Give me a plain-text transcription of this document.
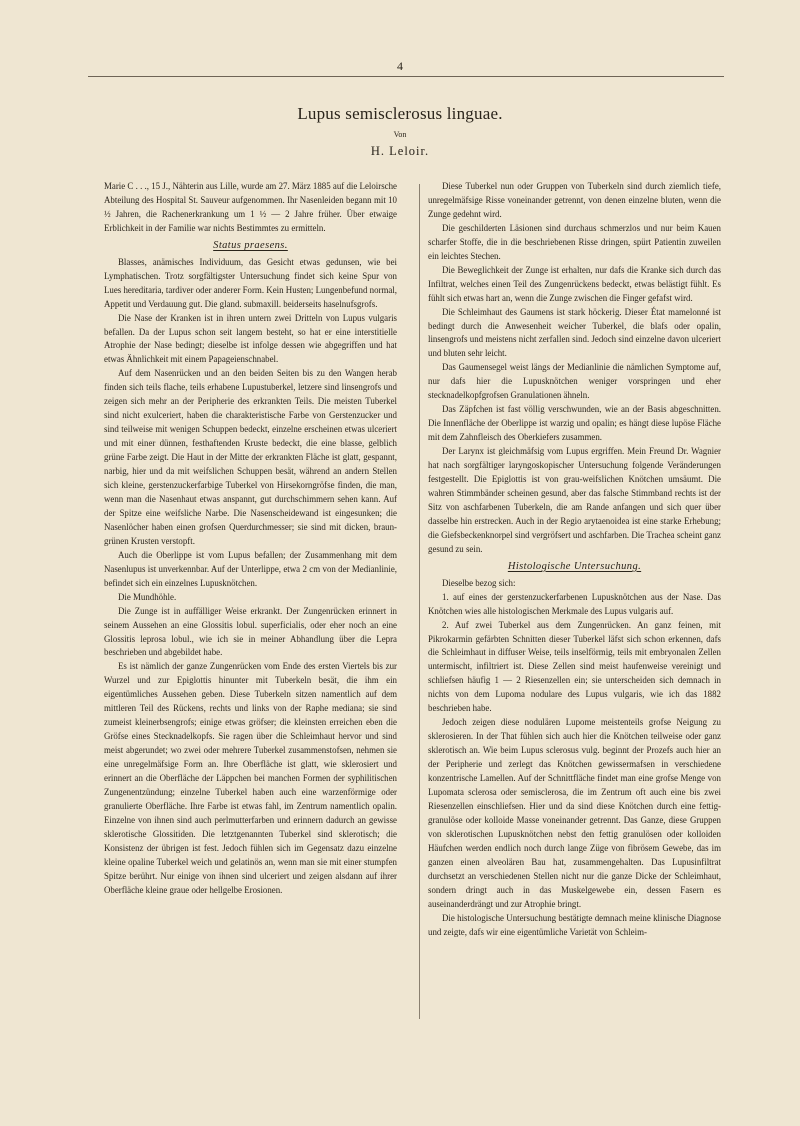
4
Lupus semisclerosus linguae.
Von
H. Leloir.

Marie C . . ., 15 J., Nähterin aus Lille, wurde am 27. März 1885 auf die Leloirsche Abteilung des Hospital St. Sauveur aufgenommen. Ihr Nasenleiden begann mit 10 ½ Jahren, die Rachenerkrankung um 1 ½ — 2 Jahre früher. Über etwaige Erblichkeit in der Familie war nichts Bestimmtes zu ermitteln.

Status praesens.

Blasses, anämisches Individuum, das Gesicht etwas gedunsen, wie bei Lymphatischen. Trotz sorgfältigster Untersuchung findet sich keine Spur von Lues hereditaria, tardiver oder anderer Form. Kein Husten; Lungenbefund normal, Appetit und Verdauung gut. Die gland. submaxill. beiderseits haselnufsgrofs.

Die Nase der Kranken ist in ihren untern zwei Dritteln von Lupus vulgaris befallen. Da der Lupus schon seit langem besteht, so hat er eine interstitielle Atrophie der Nase bedingt; dieselbe ist infolge dessen wie abgegriffen und hat etwas Ähnlichkeit mit einem Papageienschnabel.

Auf dem Nasenrücken und an den beiden Seiten bis zu den Wangen herab finden sich teils flache, teils erhabene Lupustuberkel, letzere sind linsengrofs und zeigen sich mehr an der Peripherie des erkrankten Teils. Die meisten Tuberkel sind nicht exulceriert, haben die charakteristische Farbe von Gerstenzucker und sind teilweise mit wenigen Schuppen bedeckt, einzelne erscheinen etwas ulceriert und mit einer dünnen, festhaftenden Kruste bedeckt, die eine blasse, gelblich grüne Farbe zeigt. Die Haut in der Mitte der erkrankten Fläche ist glatt, gespannt, narbig, hier und da mit weifslichen Schuppen besät, während an andern Stellen sich kleine, gerstenzuckerfarbige Tuberkel von Hirsekorngröfse finden, die man, wenn man die Nasenhaut etwas anspannt, gut durchschimmern sehen kann. Auf der Spitze eine weifsliche Narbe. Die Nasenscheidewand ist eingesunken; die Nasenlöcher haben einen grofsen Querdurchmesser; sie sind mit dicken, braun-grünen Krusten verstopft.

Auch die Oberlippe ist vom Lupus befallen; der Zusammenhang mit dem Nasenlupus ist unverkennbar. Auf der Unterlippe, etwa 2 cm von der Medianlinie, befindet sich ein einzelnes Lupusknötchen.

Die Mundhöhle.

Die Zunge ist in auffälliger Weise erkrankt. Der Zungenrücken erinnert in seinem Aussehen an eine Glossitis lobul. superficialis, oder eher noch an eine Glossitis leprosa lobul., wie ich sie in meiner Abhandlung über die Lepra beschrieben und abgebildet habe.

Es ist nämlich der ganze Zungenrücken vom Ende des ersten Viertels bis zur Wurzel und zur Epiglottis hinunter mit Tuberkeln besät, die ihm ein eigentümliches Aussehen geben. Diese Tuberkeln sitzen namentlich auf dem mittleren Teil des Rückens, rechts und links von der Raphe mediana; sie sind zumeist kleinerbsengrofs; einige etwas gröfser; die kleinsten erreichen eben die Gröfse eines Stecknadelkopfs. Sie ragen über die Schleimhaut hervor und sind meist abgerundet; wo zwei oder mehrere Tuberkel zusammenstofsen, nehmen sie eine unregelmäfsige Form an. Ihre Oberfläche ist glatt, wie sklerosiert und erinnert an die Oberfläche der Läppchen bei manchen Formen der syphilitischen Zungenentzündung; einzelne Tuberkel haben auch eine warzenförmige oder granulierte Oberfläche. Ihre Farbe ist etwas fahl, im Zentrum namentlich opalin. Einzelne von ihnen sind auch perlmutterfarben und erinnern dadurch an gewisse sklerotische Glossitiden. Die letztgenannten Tuberkel sind sklerotisch; die Konsistenz der übrigen ist fest. Jedoch fühlen sich im Gegensatz dazu einzelne kleine opaline Tuberkel weich und gelatinös an, wenn man sie mit einer stumpfen Spitze berührt. Nur einige von ihnen sind ulceriert und zeigen alsdann auf ihrer Oberfläche kleine graue oder hellgelbe Erosionen.

Diese Tuberkel nun oder Gruppen von Tuberkeln sind durch ziemlich tiefe, unregelmäfsige Risse voneinander getrennt, von denen einzelne bluten, wenn die Zunge gedehnt wird.

Die geschilderten Läsionen sind durchaus schmerzlos und nur beim Kauen scharfer Stoffe, die in die beschriebenen Risse dringen, spürt Patientin zuweilen ein leichtes Stechen.

Die Beweglichkeit der Zunge ist erhalten, nur dafs die Kranke sich durch das Infiltrat, welches einen Teil des Zungenrückens bedeckt, etwas belästigt fühlt. Es fühlt sich etwas hart an, wenn die Zunge zwischen die Finger gefafst wird.

Die Schleimhaut des Gaumens ist stark höckerig. Dieser État mamelonné ist bedingt durch die Anwesenheit weicher Tuberkel, die blafs oder opalin, linsengrofs und meistens nicht zerfallen sind. Jedoch sind einzelne davon ulceriert und bluten sehr leicht.

Das Gaumensegel weist längs der Medianlinie die nämlichen Symptome auf, nur dafs hier die Lupusknötchen weniger vorspringen und eher stecknadelkopfgrofsen Granulationen ähneln.

Das Zäpfchen ist fast völlig verschwunden, wie an der Basis abgeschnitten. Die Innenfläche der Oberlippe ist warzig und opalin; es hängt diese lupöse Fläche mit dem Zahnfleisch des Oberkiefers zusammen.

Der Larynx ist gleichmäfsig vom Lupus ergriffen. Mein Freund Dr. Wagnier hat nach sorgfältiger laryngoskopischer Untersuchung folgende Veränderungen festgestellt. Die Epiglottis ist von grau-weifslichen Knötchen umsäumt. Die wahren Stimmbänder scheinen gesund, aber das falsche Stimmband rechts ist der Sitz von aschfarbenen Tuberkeln, die am Rande anfangen und sich quer über dasselbe hin erstrecken. Auch in der Regio arytaenoidea ist eine starke Erhebung; die Giefsbeckenknorpel sind vergröfsert und aschfarben. Die Trachea scheint ganz gesund zu sein.

Histologische Untersuchung.

Dieselbe bezog sich:

1. auf eines der gerstenzuckerfarbenen Lupusknötchen aus der Nase. Das Knötchen wies alle histologischen Merkmale des Lupus vulgaris auf.

2. Auf zwei Tuberkel aus dem Zungenrücken. An ganz feinen, mit Pikrokarmin gefärbten Schnitten dieser Tuberkel läfst sich schon erkennen, dafs die Schleimhaut in diffuser Weise, teils inselförmig, teils mit embryonalen Zellen untermischt, infiltriert ist. Diese Zellen sind meist haufenweise vereinigt und schliefsen häufig 1 — 2 Riesenzellen ein; sie unterscheiden sich demnach in nichts von dem Lupoma nodulare des Lupus vulgaris, wie ich das 1882 beschrieben habe.

Jedoch zeigen diese nodulären Lupome meistenteils grofse Neigung zu sklerosieren. In der That fühlen sich auch hier die Knötchen teilweise oder ganz sklerotisch an. Wie beim Lupus sclerosus vulg. beginnt der Prozefs auch hier an der Peripherie und zerlegt das Knötchen gewissermafsen in verschiedene konzentrische Lamellen. Auf der Schnittfläche findet man eine grofse Menge von Lupomata sclerosa oder semisclerosa, die im Zentrum oft auch eine bis zwei Riesenzellen einschliefsen. Hier und da sind diese Knötchen durch eine fettig-granulöse oder kolloide Masse voneinander getrennt. Das Ganze, diese Gruppen von sklerotischen Lupusknötchen nebst den fettig granulösen oder kolloiden Häufchen werden endlich noch durch lange Züge von fibrösem Gewebe, das im ganzen einen alveolären Bau hat, zusammengehalten. Das Lupusinfiltrat durchsetzt an verschiedenen Stellen nicht nur die ganze Dicke der Schleimhaut, sondern dringt auch in das Muskelgewebe ein, dessen Fasern es auseinanderdrängt und zur Atrophie bringt.

Die histologische Untersuchung bestätigte demnach meine klinische Diagnose und zeigte, dafs wir eine eigentümliche Varietät von Schleim-
